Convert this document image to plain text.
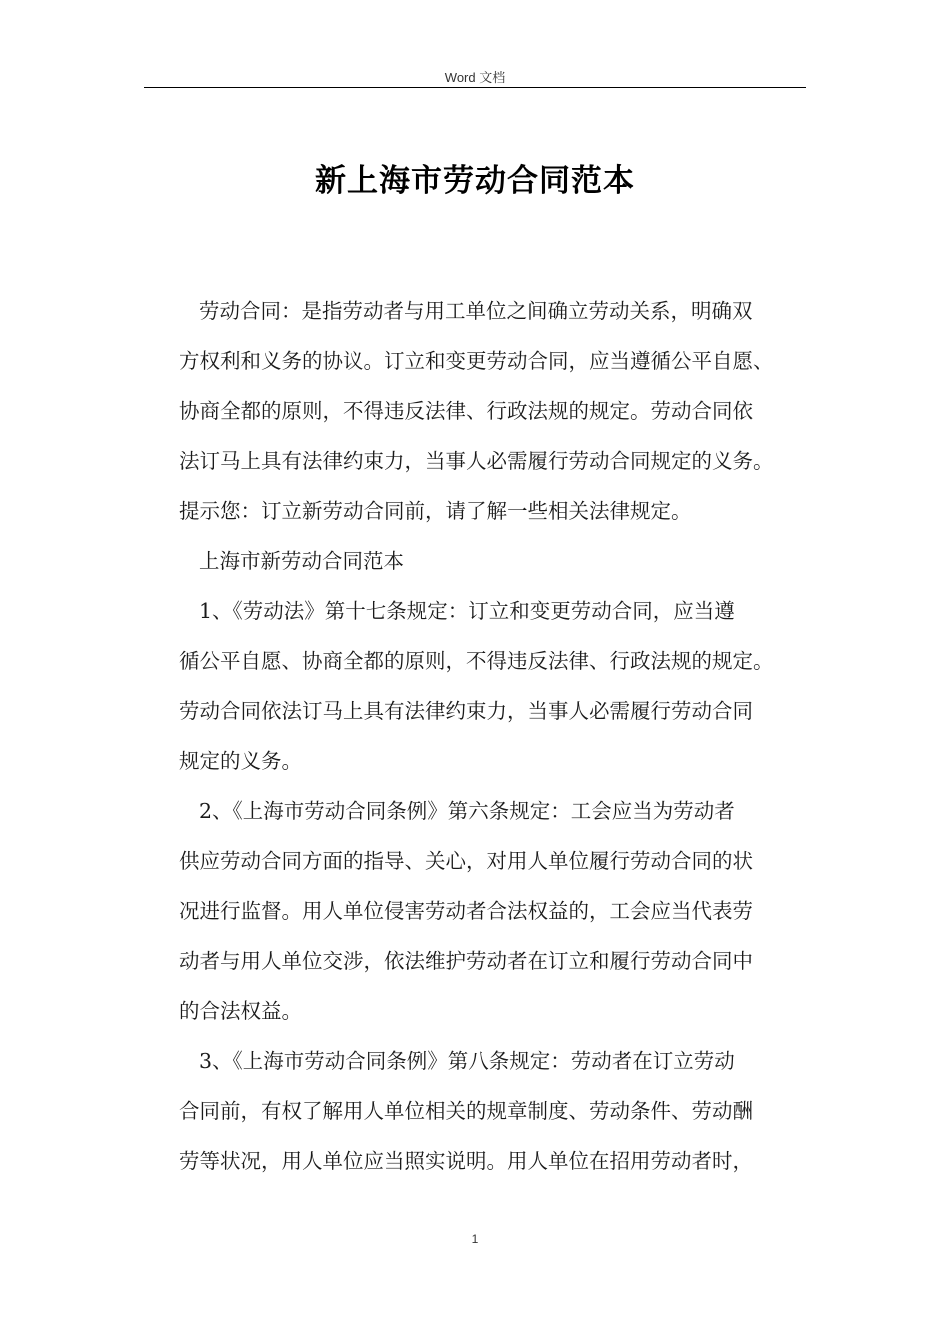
Word 文档
新上海市劳动合同范本
劳动合同：是指劳动者与用工单位之间确立劳动关系，明确双
方权利和义务的协议。订立和变更劳动合同，应当遵循公平自愿、
协商全都的原则，不得违反法律、行政法规的规定。劳动合同依
法订马上具有法律约束力，当事人必需履行劳动合同规定的义务。
提示您：订立新劳动合同前，请了解一些相关法律规定。
上海市新劳动合同范本
1、《劳动法》第十七条规定：订立和变更劳动合同，应当遵
循公平自愿、协商全都的原则，不得违反法律、行政法规的规定。
劳动合同依法订马上具有法律约束力，当事人必需履行劳动合同
规定的义务。
2、《上海市劳动合同条例》第六条规定：工会应当为劳动者
供应劳动合同方面的指导、关心，对用人单位履行劳动合同的状
况进行监督。用人单位侵害劳动者合法权益的，工会应当代表劳
动者与用人单位交涉，依法维护劳动者在订立和履行劳动合同中
的合法权益。
3、《上海市劳动合同条例》第八条规定：劳动者在订立劳动
合同前，有权了解用人单位相关的规章制度、劳动条件、劳动酬
劳等状况，用人单位应当照实说明。用人单位在招用劳动者时，
1
